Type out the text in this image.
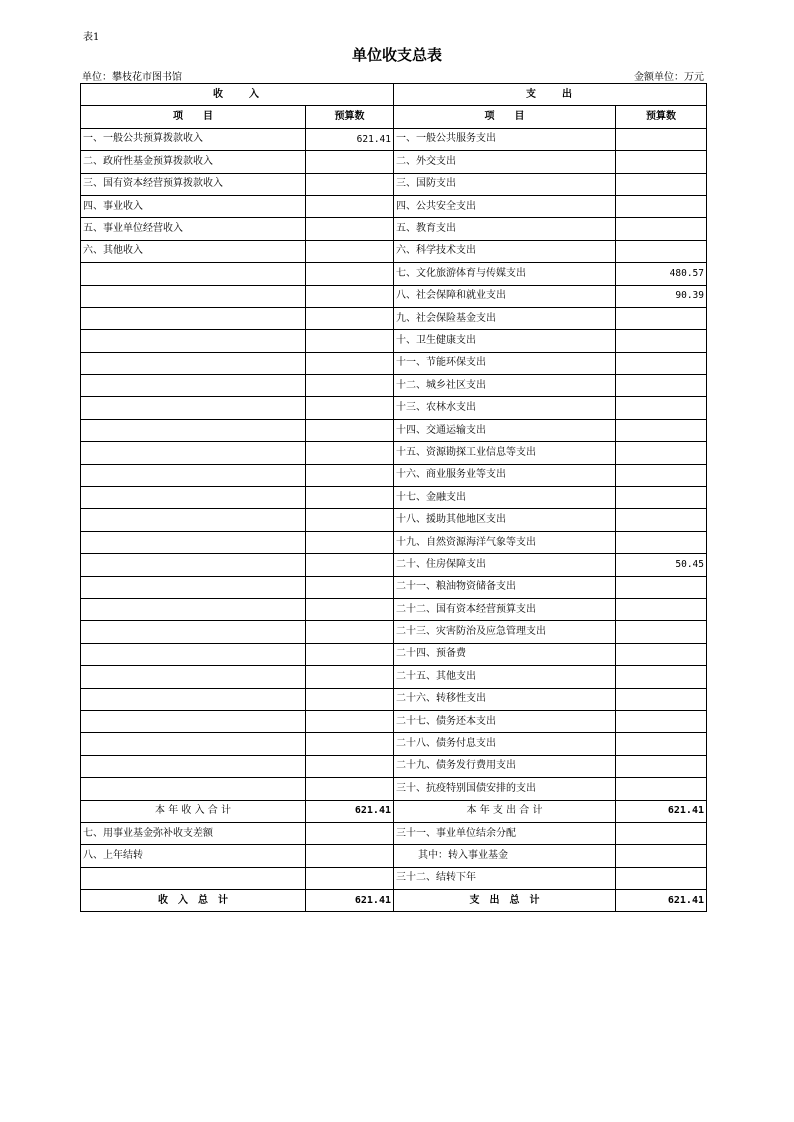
表1
单位收支总表
单位：攀枝花市图书馆	金额单位：万元
收　　入		支　　出	
项　　目	预算数	项　　目	预算数
一、一般公共预算拨款收入	621.41	一、一般公共服务支出	
二、政府性基金预算拨款收入		二、外交支出	
三、国有资本经营预算拨款收入		三、国防支出	
四、事业收入		四、公共安全支出	
五、事业单位经营收入		五、教育支出	
六、其他收入		六、科学技术支出	
		七、文化旅游体育与传媒支出	480.57
		八、社会保障和就业支出	90.39
		九、社会保险基金支出	
		十、卫生健康支出	
		十一、节能环保支出	
		十二、城乡社区支出	
		十三、农林水支出	
		十四、交通运输支出	
		十五、资源勘探工业信息等支出	
		十六、商业服务业等支出	
		十七、金融支出	
		十八、援助其他地区支出	
		十九、自然资源海洋气象等支出	
		二十、住房保障支出	50.45
		二十一、粮油物资储备支出	
		二十二、国有资本经营预算支出	
		二十三、灾害防治及应急管理支出	
		二十四、预备费	
		二十五、其他支出	
		二十六、转移性支出	
		二十七、债务还本支出	
		二十八、债务付息支出	
		二十九、债务发行费用支出	
		三十、抗疫特别国债安排的支出	
本 年 收 入 合 计	621.41	本 年 支 出 合 计	621.41
七、用事业基金弥补收支差额		三十一、事业单位结余分配	
八、上年结转		其中：转入事业基金	
		三十二、结转下年	
收　入　总　计	621.41	支　出　总　计	621.41
